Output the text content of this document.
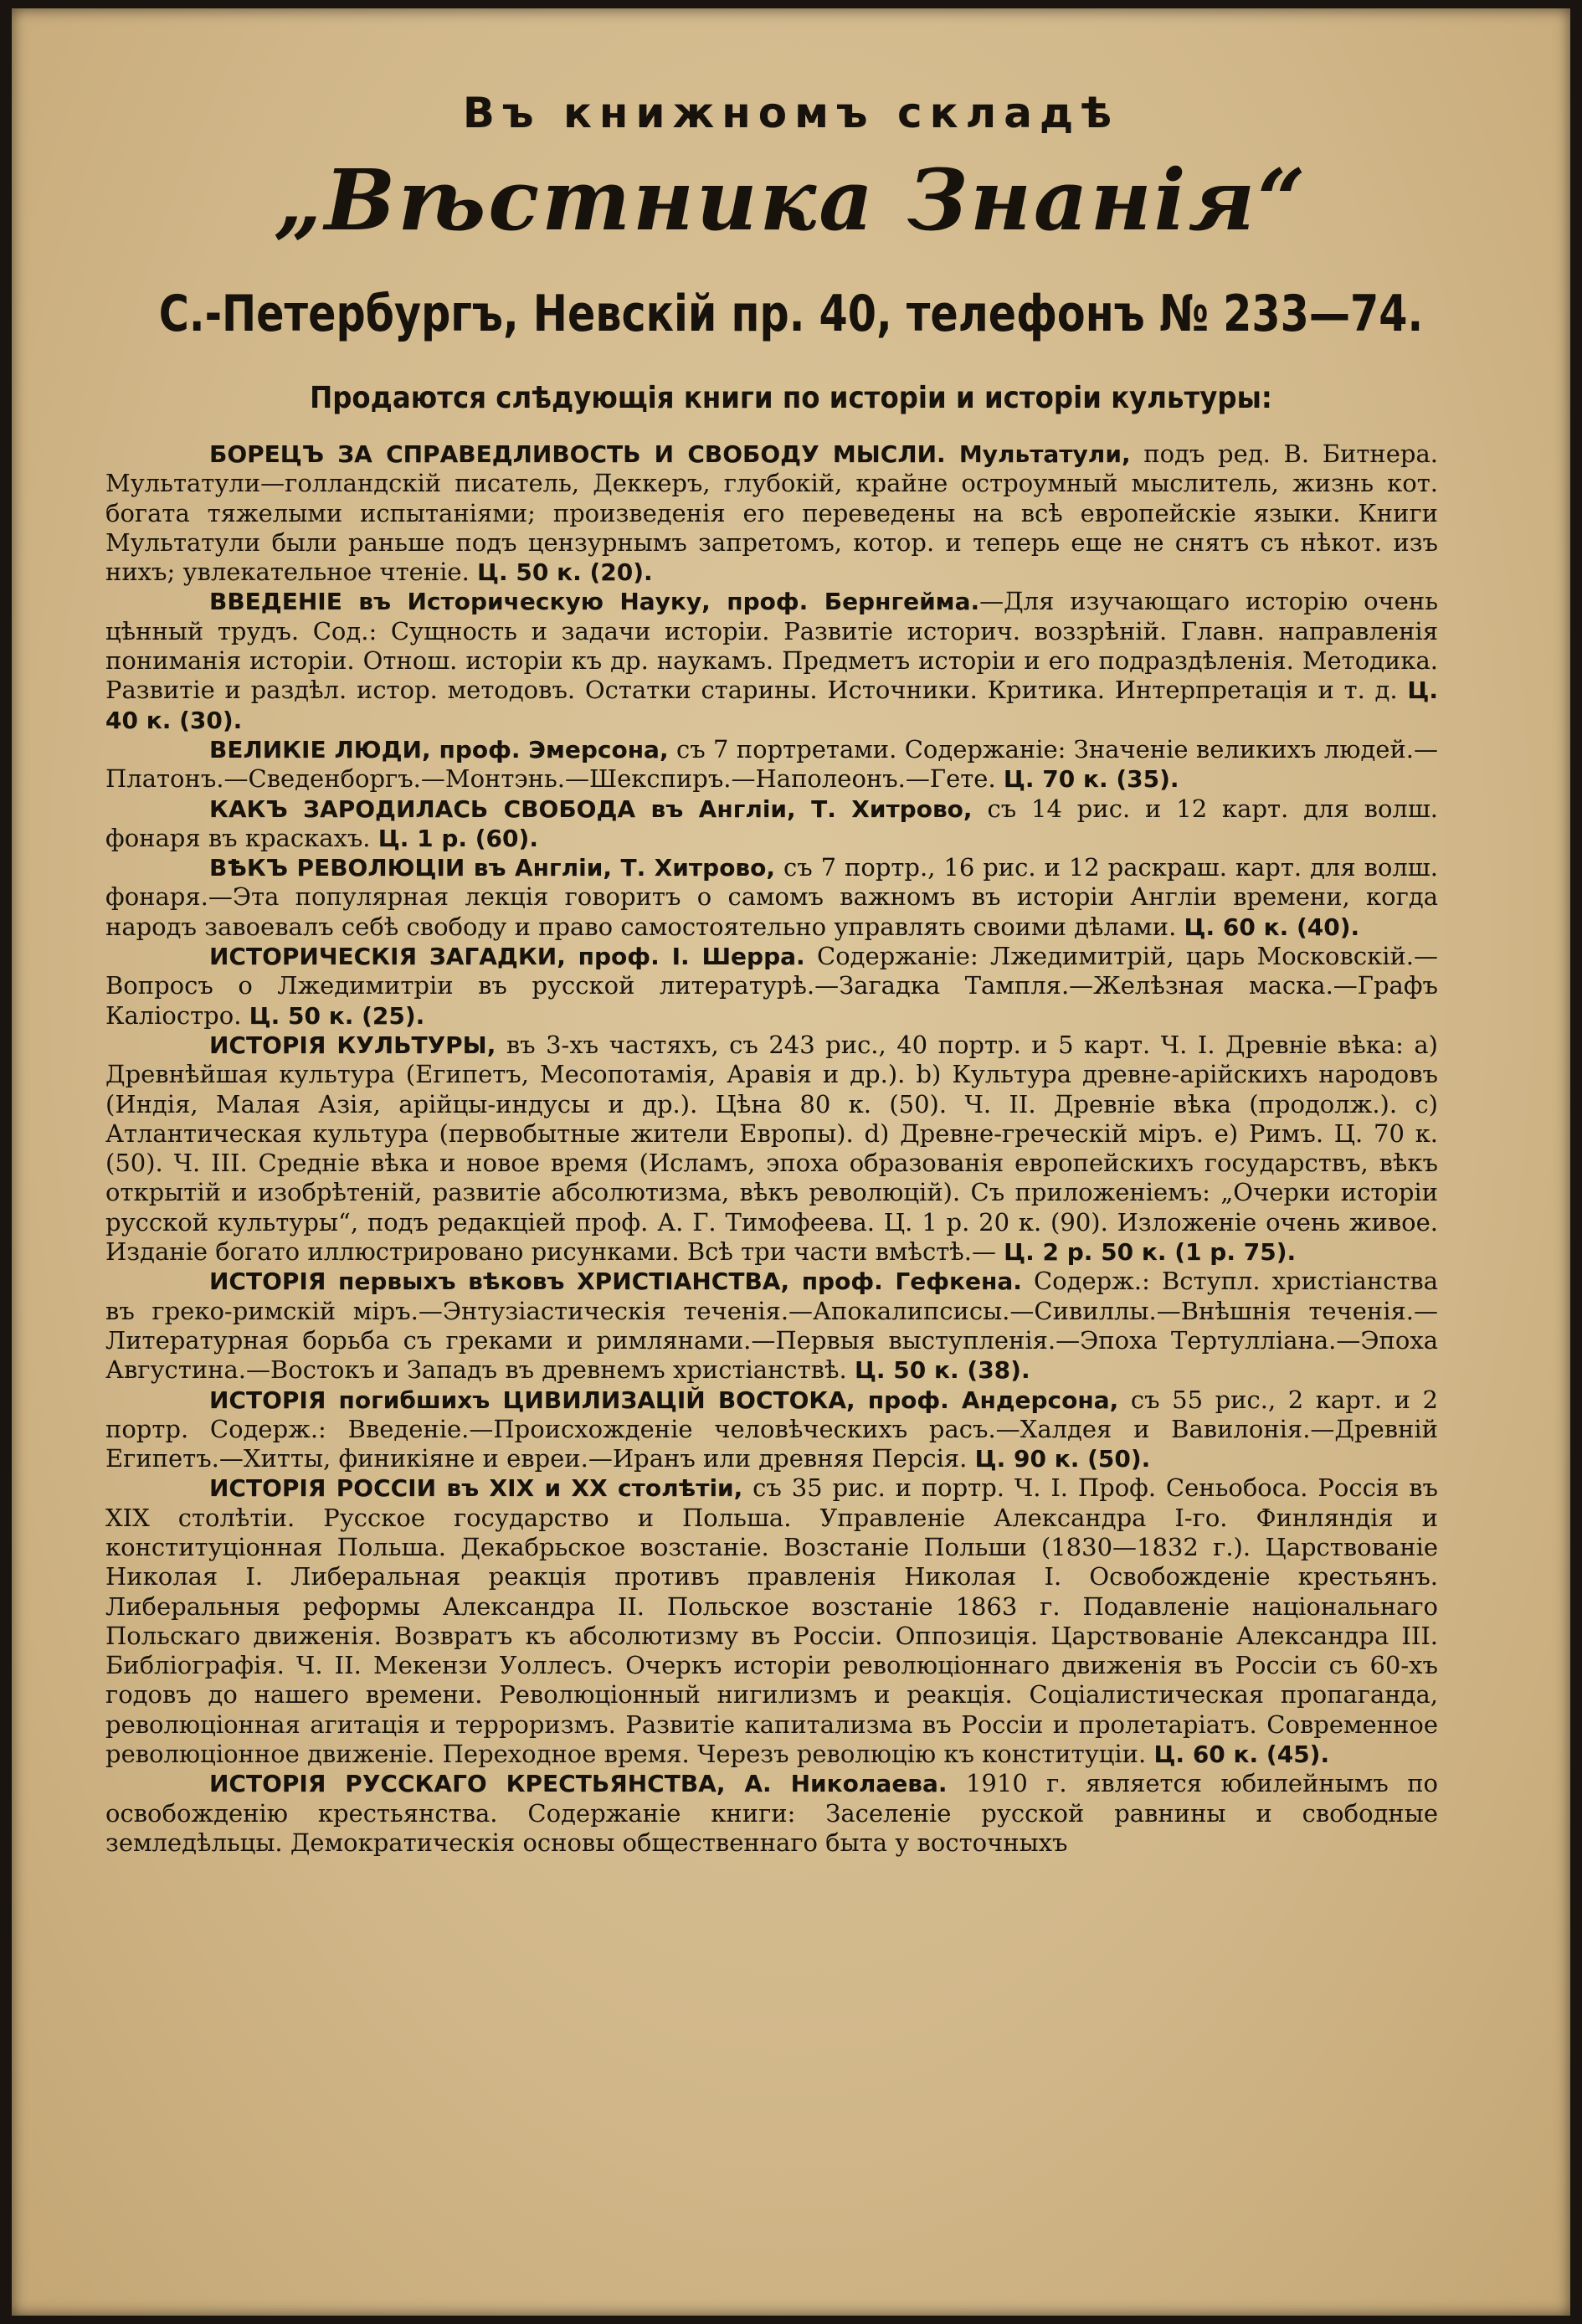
Въ книжномъ складѣ
„Вѣстника Знанія“
С.-Петербургъ, Невскій пр. 40, телефонъ № 233—74.
Продаются слѣдующія книги по исторіи и исторіи культуры:

БОРЕЦЪ ЗА СПРАВЕДЛИВОСТЬ И СВОБОДУ МЫСЛИ. Мультатули, подъ ред. В. Битнера. Мультатули—голландскій писатель, Деккеръ, глубокій, крайне остроумный мыслитель, жизнь кот. богата тяжелыми испытаніями; произведенія его переведены на всѣ европейскіе языки. Книги Мультатули были раньше подъ цензурнымъ запретомъ, котор. и теперь еще не снятъ съ нѣкот. изъ нихъ; увлекательное чтеніе. Ц. 50 к. (20).

ВВЕДЕНІЕ въ Историческую Науку, проф. Бернгейма.—Для изучающаго исторію очень цѣнный трудъ. Сод.: Сущность и задачи исторіи. Развитіе историч. воззрѣній. Главн. направленія пониманія исторіи. Отнош. исторіи къ др. наукамъ. Предметъ исторіи и его подраздѣленія. Методика. Развитіе и раздѣл. истор. методовъ. Остатки старины. Источники. Критика. Интерпретація и т. д. Ц. 40 к. (30).

ВЕЛИКІЕ ЛЮДИ, проф. Эмерсона, съ 7 портретами. Содержаніе: Значеніе великихъ людей.—Платонъ.—Сведенборгъ.—Монтэнь.—Шекспиръ.—Наполеонъ.—Гете. Ц. 70 к. (35).

КАКЪ ЗАРОДИЛАСЬ СВОБОДА въ Англіи, Т. Хитрово, съ 14 рис. и 12 карт. для волш. фонаря въ краскахъ. Ц. 1 р. (60).

ВѢКЪ РЕВОЛЮЦІИ въ Англіи, Т. Хитрово, съ 7 портр., 16 рис. и 12 раскраш. карт. для волш. фонаря.—Эта популярная лекція говоритъ о самомъ важномъ въ исторіи Англіи времени, когда народъ завоевалъ себѣ свободу и право самостоятельно управлять своими дѣлами. Ц. 60 к. (40).

ИСТОРИЧЕСКІЯ ЗАГАДКИ, проф. І. Шерра. Содержаніе: Лжедимитрій, царь Московскій.—Вопросъ о Лжедимитріи въ русской литературѣ.—Загадка Тампля.—Желѣзная маска.—Графъ Каліостро. Ц. 50 к. (25).

ИСТОРІЯ КУЛЬТУРЫ, въ 3-хъ частяхъ, съ 243 рис., 40 портр. и 5 карт. Ч. I. Древніе вѣка: а) Древнѣйшая культура (Египетъ, Месопотамія, Аравія и др.). b) Культура древне-арійскихъ народовъ (Индія, Малая Азія, арійцы-индусы и др.). Цѣна 80 к. (50). Ч. II. Древніе вѣка (продолж.). с) Атлантическая культура (первобытные жители Европы). d) Древне-греческій міръ. е) Римъ. Ц. 70 к. (50). Ч. III. Средніе вѣка и новое время (Исламъ, эпоха образованія европейскихъ государствъ, вѣкъ открытій и изобрѣтеній, развитіе абсолютизма, вѣкъ революцій). Съ приложеніемъ: „Очерки исторіи русской культуры“, подъ редакціей проф. А. Г. Тимофеева. Ц. 1 р. 20 к. (90). Изложеніе очень живое. Изданіе богато иллюстрировано рисунками. Всѣ три части вмѣстѣ.— Ц. 2 р. 50 к. (1 р. 75).

ИСТОРІЯ первыхъ вѣковъ ХРИСТІАНСТВА, проф. Гефкена. Содерж.: Вступл. христіанства въ греко-римскій міръ.—Энтузіастическія теченія.—Апокалипсисы.—Сивиллы.—Внѣшнія теченія.—Литературная борьба съ греками и римлянами.—Первыя выступленія.—Эпоха Тертулліана.—Эпоха Августина.—Востокъ и Западъ въ древнемъ христіанствѣ. Ц. 50 к. (38).

ИСТОРІЯ погибшихъ ЦИВИЛИЗАЦІЙ ВОСТОКА, проф. Андерсона, съ 55 рис., 2 карт. и 2 портр. Содерж.: Введеніе.—Происхожденіе человѣческихъ расъ.—Халдея и Вавилонія.—Древній Египетъ.—Хитты, финикіяне и евреи.—Иранъ или древняя Персія. Ц. 90 к. (50).

ИСТОРІЯ РОССІИ въ XIX и XX столѣтіи, съ 35 рис. и портр. Ч. I. Проф. Сеньобоса. Россія въ XIX столѣтіи. Русское государство и Польша. Управленіе Александра I-го. Финляндія и конституціонная Польша. Декабрьское возстаніе. Возстаніе Польши (1830—1832 г.). Царствованіе Николая I. Либеральная реакція противъ правленія Николая I. Освобожденіе крестьянъ. Либеральныя реформы Александра II. Польское возстаніе 1863 г. Подавленіе національнаго Польскаго движенія. Возвратъ къ абсолютизму въ Россіи. Оппозиція. Царствованіе Александра III. Библіографія. Ч. II. Мекензи Уоллесъ. Очеркъ исторіи революціоннаго движенія въ Россіи съ 60-хъ годовъ до нашего времени. Революціонный нигилизмъ и реакція. Соціалистическая пропаганда, революціонная агитація и терроризмъ. Развитіе капитализма въ Россіи и пролетаріатъ. Современное революціонное движеніе. Переходное время. Черезъ революцію къ конституціи. Ц. 60 к. (45).

ИСТОРІЯ РУССКАГО КРЕСТЬЯНСТВА, А. Николаева. 1910 г. является юбилейнымъ по освобожденію крестьянства. Содержаніе книги: Заселеніе русской равнины и свободные земледѣльцы. Демократическія основы общественнаго быта у восточныхъ
